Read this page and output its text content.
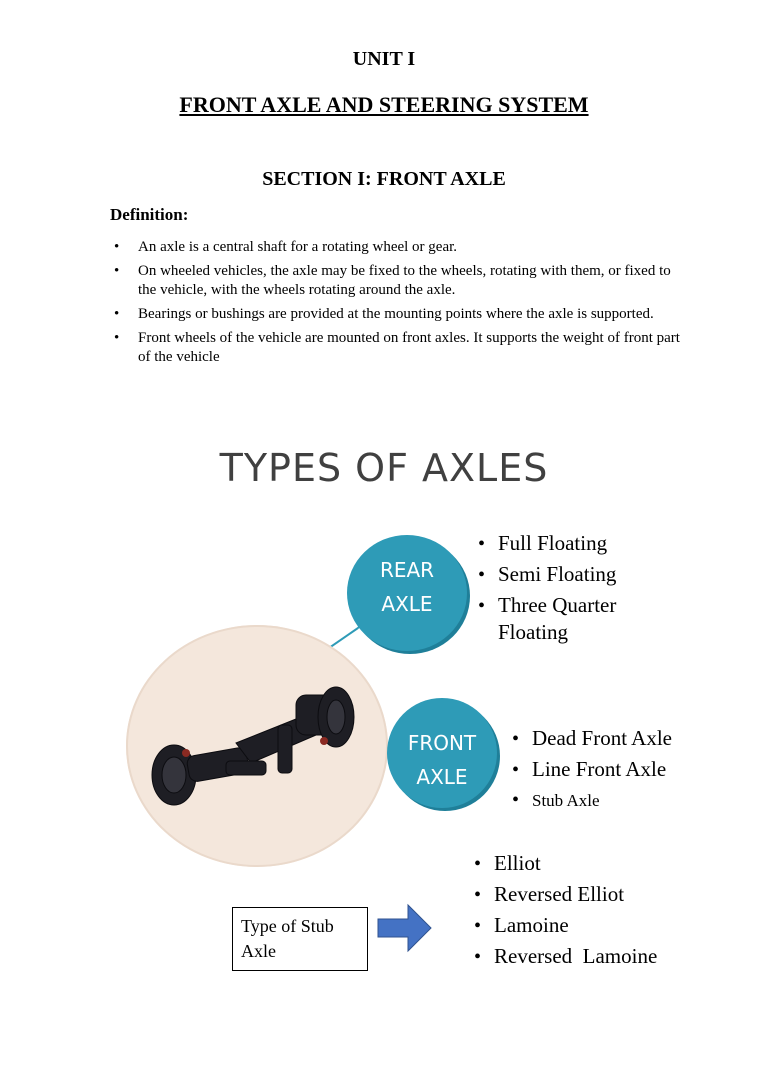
UNIT I
FRONT AXLE AND STEERING SYSTEM
SECTION I: FRONT AXLE
Definition:
• An axle is a central shaft for a rotating wheel or gear.
• On wheeled vehicles, the axle may be fixed to the wheels, rotating with them, or fixed to the vehicle, with the wheels rotating around the axle.
• Bearings or bushings are provided at the mounting points where the axle is supported.
• Front wheels of the vehicle are mounted on front axles. It supports the weight of front part of the vehicle
TYPES OF AXLES
REAR
AXLE
FRONT
AXLE
• Full Floating
• Semi Floating
• Three Quarter
Floating
• Dead Front Axle
• Line Front Axle
• Stub Axle
• Elliot
• Reversed Elliot
• Lamoine
• Reversed  Lamoine
Type of Stub
Axle
